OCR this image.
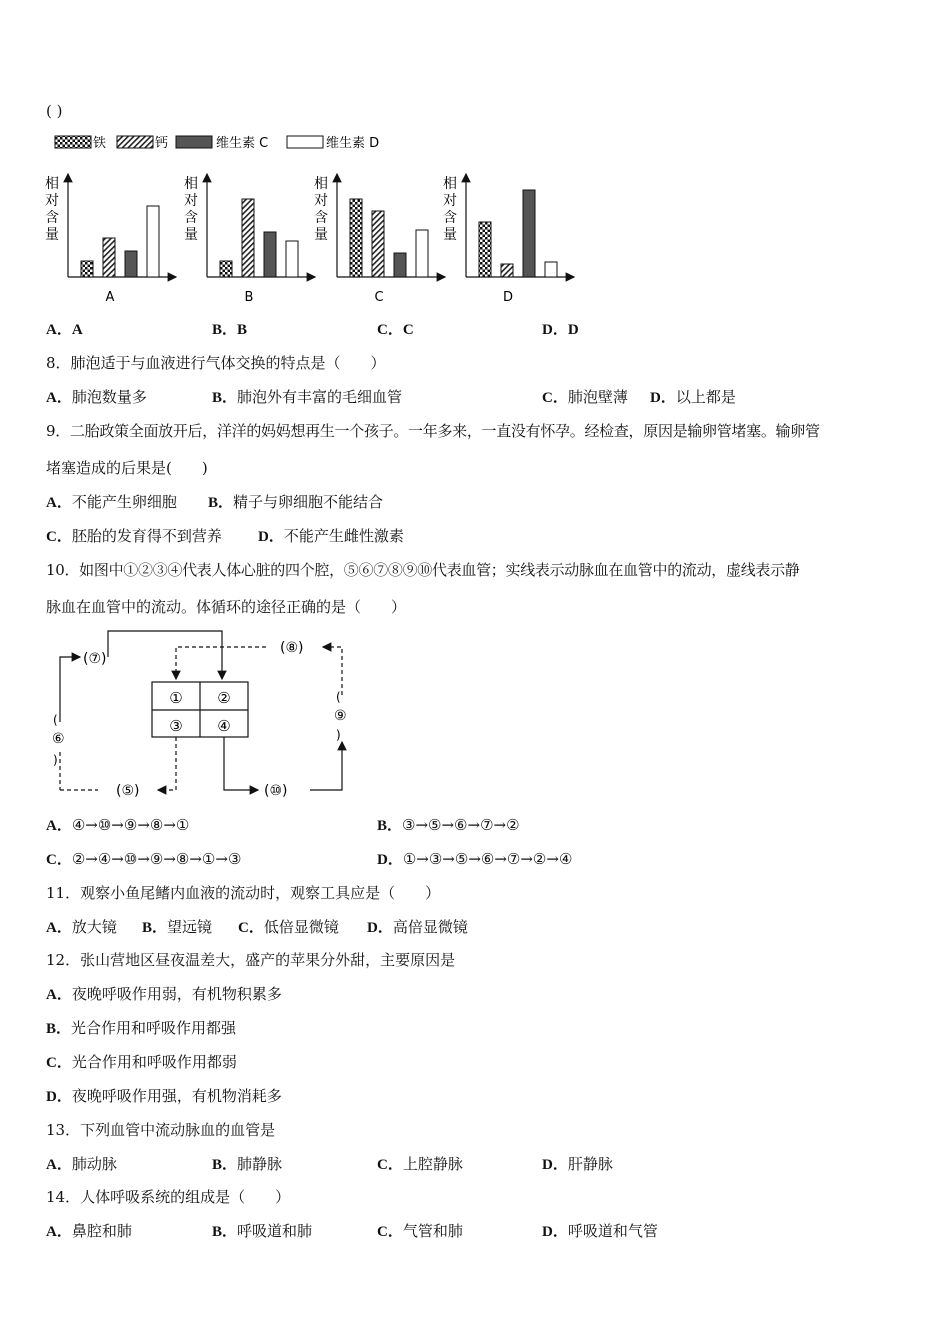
( )
铁	钙	维生素 C	维生素 D
相
对
含
量
A
相
对
含
量
B
相
对
含
量
C
相
对
含
量
D
A．A	B．B	C．C	D．D
8．肺泡适于与血液进行气体交换的特点是（　　）
A．肺泡数量多	B．肺泡外有丰富的毛细血管	C．肺泡壁薄 D．以上都是
9．二胎政策全面放开后，洋洋的妈妈想再生一个孩子。一年多来，一直没有怀孕。经检查，原因是输卵管堵塞。输卵管
堵塞造成的后果是(　　)
A．不能产生卵细胞 B．精子与卵细胞不能结合
C．胚胎的发育得不到营养 D．不能产生雌性激素
10．如图中①②③④代表人体心脏的四个腔，⑤⑥⑦⑧⑨⑩代表血管；实线表示动脉血在血管中的流动，虚线表示静
脉血在血管中的流动。体循环的途径正确的是（　　）
① ②
③ ④
(⑦)
⑥
(
)
(⑤)
(⑧)
(⑩)
⑨
(
)
A．④→⑩→⑨→⑧→①	B．③→⑤→⑥→⑦→②
C．②→④→⑩→⑨→⑧→①→③	D．①→③→⑤→⑥→⑦→②→④
11．观察小鱼尾鳍内血液的流动时，观察工具应是（　　）
A．放大镜 B．望远镜 C．低倍显微镜 D．高倍显微镜
12．张山营地区昼夜温差大，盛产的苹果分外甜，主要原因是
A．夜晚呼吸作用弱，有机物积累多
B．光合作用和呼吸作用都强
C．光合作用和呼吸作用都弱
D．夜晚呼吸作用强，有机物消耗多
13．下列血管中流动脉血的血管是
A．肺动脉	B．肺静脉	C．上腔静脉	D．肝静脉
14．人体呼吸系统的组成是（　　）
A．鼻腔和肺	B．呼吸道和肺	C．气管和肺	D．呼吸道和气管
